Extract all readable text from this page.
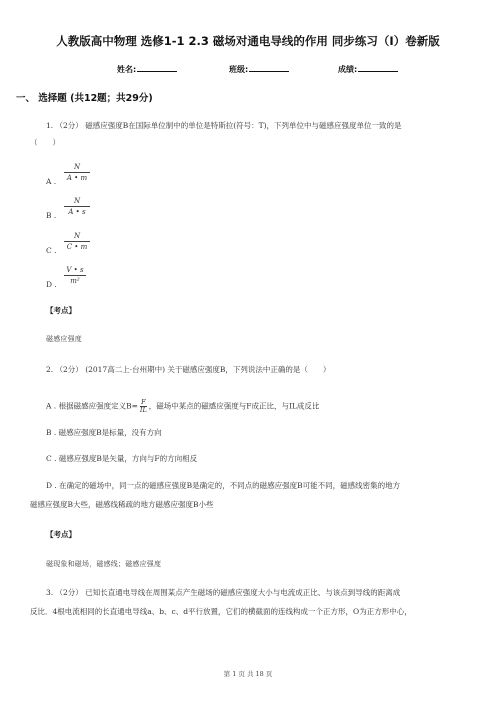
人教版高中物理 选修1-1 2.3 磁场对通电导线的作用 同步练习（I）卷新版
姓名:	班级:	成绩:
一、 选择题 (共12题；共29分)
1. （2分） 磁感应强度B在国际单位制中的单位是特斯拉(符号：T)，下列单位中与磁感应强度单位一致的是
（　　）
A .
N
A • m
B .
N
A • s
C .
N
C • m
D .
V • s
m²
【考点】
磁感应强度
2. （2分） (2017高二上·台州期中) 关于磁感应强度B，下列说法中正确的是（　　）
A . 根据磁感应强度定义$B= \frac{F}{IL}$ ，磁场中某点的磁感应强度与F成正比，与IL成反比
B . 磁感应强度B是标量，没有方向
C . 磁感应强度B是矢量，方向与F的方向相反
D . 在确定的磁场中，同一点的磁感应强度B是确定的，不同点的磁感应强度B可能不同，磁感线密集的地方
磁感应强度B大些，磁感线稀疏的地方磁感应强度B小些
【考点】
磁现象和磁场，磁感线；磁感应强度
3. （2分） 已知长直通电导线在周围某点产生磁场的磁感应强度大小与电流成正比、与该点到导线的距离成
反比．4根电流相同的长直通电导线a、b、c、d平行放置，它们的横截面的连线构成一个正方形，O为正方形中心，
第 1 页 共 18 页
